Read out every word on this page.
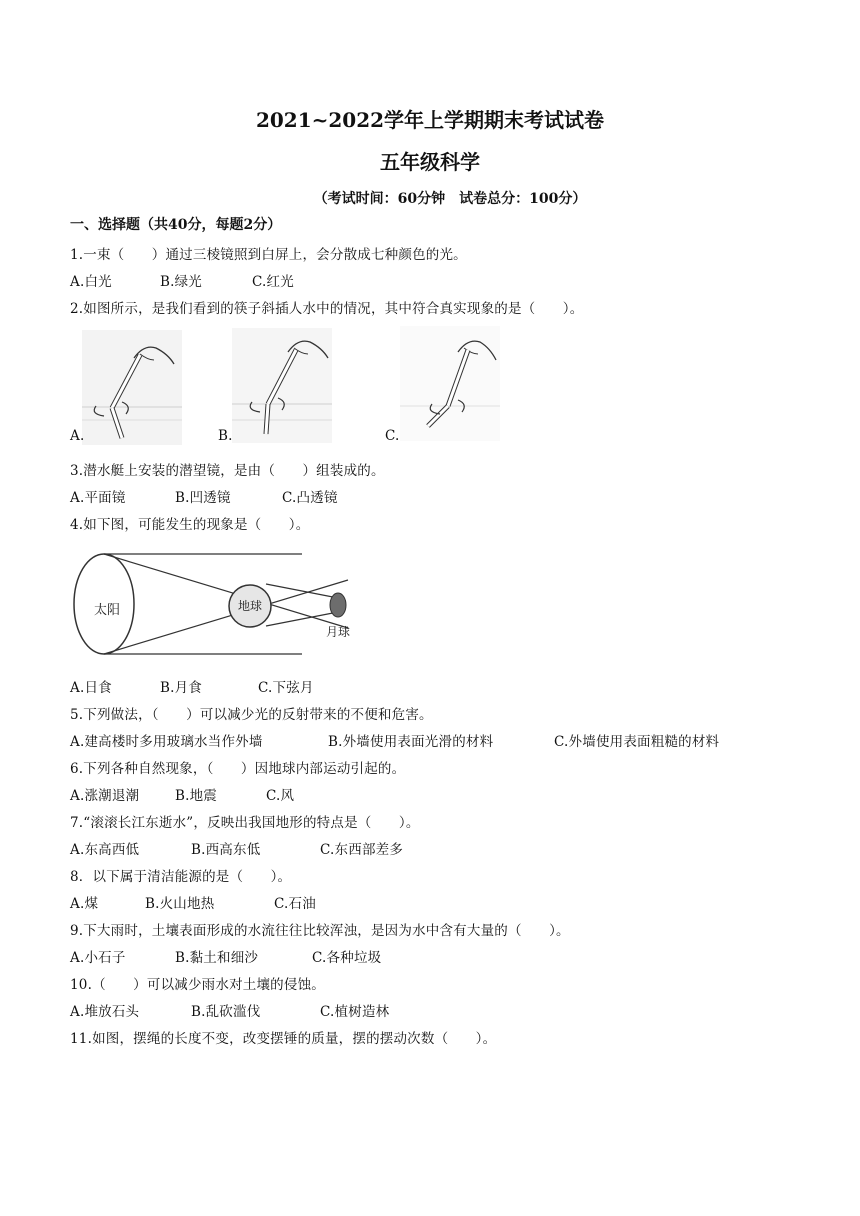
2021~2022学年上学期期末考试试卷
五年级科学
（考试时间：60分钟　试卷总分：100分）
一、选择题（共40分，每题2分）
1.一束（　　）通过三棱镜照到白屏上，会分散成七种颜色的光。
A.白光	B.绿光	C.红光
2.如图所示，是我们看到的筷子斜插人水中的情况，其中符合真实现象的是（　　）。
A.	B.	C.
3.潜水艇上安装的潜望镜，是由（　　）组装成的。
A.平面镜	B.凹透镜	C.凸透镜
4.如下图，可能发生的现象是（　　）。
太阳	地球
月球
A.日食	B.月食	C.下弦月
5.下列做法，（　　）可以减少光的反射带来的不便和危害。
A.建高楼时多用玻璃水当作外墙	B.外墙使用表面光滑的材料	C.外墙使用表面粗糙的材料
6.下列各种自然现象，（　　）因地球内部运动引起的。
A.涨潮退潮	B.地震	C.风
7.“滚滚长江东逝水”，反映出我国地形的特点是（　　）。
A.东高西低	B.西高东低	C.东西部差多
8．以下属于清洁能源的是（　　）。
A.煤	B.火山地热	C.石油
9.下大雨时，土壤表面形成的水流往往比较浑浊，是因为水中含有大量的（　　）。
A.小石子	B.黏土和细沙	C.各种垃圾
10.（　　）可以减少雨水对土壤的侵蚀。
A.堆放石头	B.乱砍滥伐	C.植树造林
11.如图，摆绳的长度不变，改变摆锤的质量，摆的摆动次数（　　）。
